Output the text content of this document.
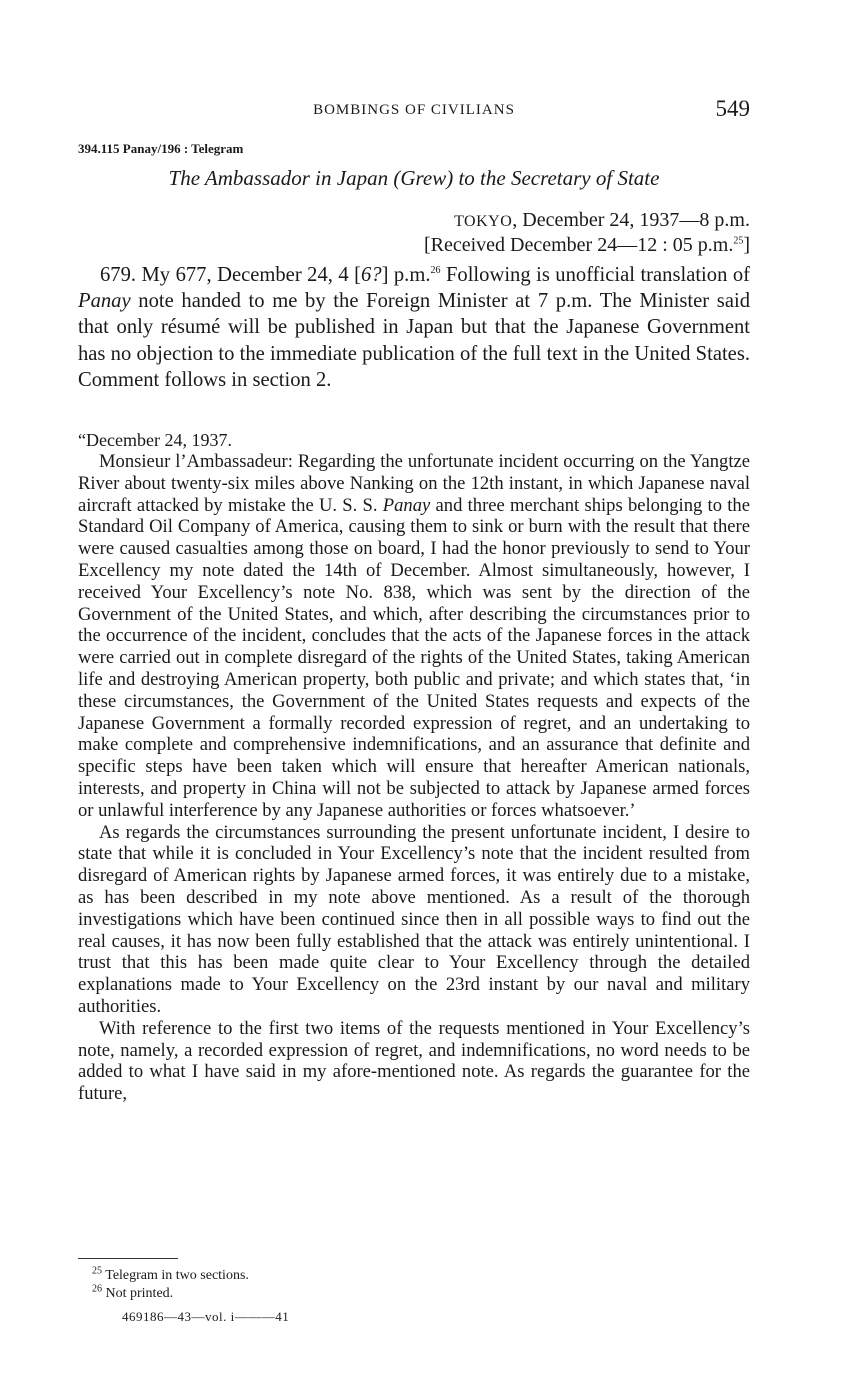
BOMBINGS OF CIVILIANS	549
394.115 Panay/196 : Telegram
The Ambassador in Japan (Grew) to the Secretary of State
TOKYO, December 24, 1937—8 p.m.
[Received December 24—12 : 05 p.m.$^{25}$]

679. My 677, December 24, 4 [6?] p.m.$^{26}$ Following is unofficial translation of Panay note handed to me by the Foreign Minister at 7 p.m. The Minister said that only résumé will be published in Japan but that the Japanese Government has no objection to the immediate publication of the full text in the United States. Comment follows in section 2.

“December 24, 1937.

Monsieur l’Ambassadeur: Regarding the unfortunate incident occurring on the Yangtze River about twenty-six miles above Nanking on the 12th instant, in which Japanese naval aircraft attacked by mistake the U. S. S. Panay and three merchant ships belonging to the Standard Oil Company of America, causing them to sink or burn with the result that there were caused casualties among those on board, I had the honor previously to send to Your Excellency my note dated the 14th of December. Almost simultaneously, however, I received Your Excellency’s note No. 838, which was sent by the direction of the Government of the United States, and which, after describing the circumstances prior to the occurrence of the incident, concludes that the acts of the Japanese forces in the attack were carried out in complete disregard of the rights of the United States, taking American life and destroying American property, both public and private; and which states that, ‘in these circumstances, the Government of the United States requests and expects of the Japanese Government a formally recorded expression of regret, and an undertaking to make complete and comprehensive indemnifications, and an assurance that definite and specific steps have been taken which will ensure that hereafter American nationals, interests, and property in China will not be subjected to attack by Japanese armed forces or unlawful interference by any Japanese authorities or forces whatsoever.’

As regards the circumstances surrounding the present unfortunate incident, I desire to state that while it is concluded in Your Excellency’s note that the incident resulted from disregard of American rights by Japanese armed forces, it was entirely due to a mistake, as has been described in my note above mentioned. As a result of the thorough investigations which have been continued since then in all possible ways to find out the real causes, it has now been fully established that the attack was entirely unintentional. I trust that this has been made quite clear to Your Excellency through the detailed explanations made to Your Excellency on the 23rd instant by our naval and military authorities.

With reference to the first two items of the requests mentioned in Your Excellency’s note, namely, a recorded expression of regret, and indemnifications, no word needs to be added to what I have said in my afore-mentioned note. As regards the guarantee for the future,

$^{25}$ Telegram in two sections.
$^{26}$ Not printed.
469186—43—vol. i———41
